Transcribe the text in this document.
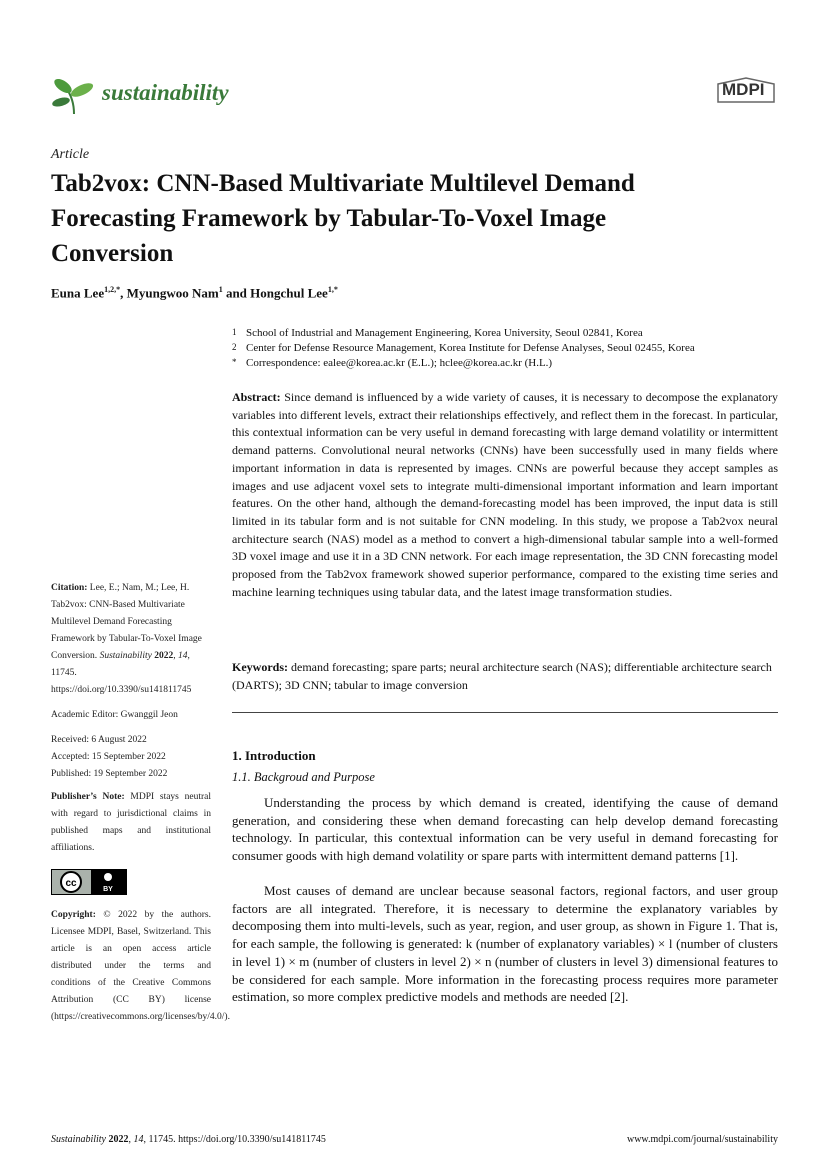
sustainability	MDPI
Article
Tab2vox: CNN-Based Multivariate Multilevel Demand Forecasting Framework by Tabular-To-Voxel Image Conversion
Euna Lee$^{1,2,*}$, Myungwoo Nam$^1$ and Hongchul Lee$^{1,*}$
1 School of Industrial and Management Engineering, Korea University, Seoul 02841, Korea
2 Center for Defense Resource Management, Korea Institute for Defense Analyses, Seoul 02455, Korea
* Correspondence: ealee@korea.ac.kr (E.L.); hclee@korea.ac.kr (H.L.)
Abstract: Since demand is influenced by a wide variety of causes, it is necessary to decompose the explanatory variables into different levels, extract their relationships effectively, and reflect them in the forecast. In particular, this contextual information can be very useful in demand forecasting with large demand volatility or intermittent demand patterns. Convolutional neural networks (CNNs) have been successfully used in many fields where important information in data is represented by images. CNNs are powerful because they accept samples as images and use adjacent voxel sets to integrate multi-dimensional important information and learn important features. On the other hand, although the demand-forecasting model has been improved, the input data is still limited in its tabular form and is not suitable for CNN modeling. In this study, we propose a Tab2vox neural architecture search (NAS) model as a method to convert a high-dimensional tabular sample into a well-formed 3D voxel image and use it in a 3D CNN network. For each image representation, the 3D CNN forecasting model proposed from the Tab2vox framework showed superior performance, compared to the existing time series and machine learning techniques using tabular data, and the latest image transformation studies.
Keywords: demand forecasting; spare parts; neural architecture search (NAS); differentiable architecture search (DARTS); 3D CNN; tabular to image conversion
Citation: Lee, E.; Nam, M.; Lee, H. Tab2vox: CNN-Based Multivariate Multilevel Demand Forecasting Framework by Tabular-To-Voxel Image Conversion. Sustainability 2022, 14, 11745. https://doi.org/10.3390/su141811745
Academic Editor: Gwanggil Jeon
Received: 6 August 2022
Accepted: 15 September 2022
Published: 19 September 2022
Publisher’s Note: MDPI stays neutral with regard to jurisdictional claims in published maps and institutional affiliations.
cc
BY
Copyright: © 2022 by the authors. Licensee MDPI, Basel, Switzerland. This article is an open access article distributed under the terms and conditions of the Creative Commons Attribution (CC BY) license (https://creativecommons.org/licenses/by/4.0/).
1. Introduction
1.1. Backgroud and Purpose
Understanding the process by which demand is created, identifying the cause of demand generation, and considering these when demand forecasting can help develop demand forecasting technology. In particular, this contextual information can be very useful in demand forecasting for consumer goods with high demand volatility or spare parts with intermittent demand patterns [1].
Most causes of demand are unclear because seasonal factors, regional factors, and user group factors are all integrated. Therefore, it is necessary to determine the explanatory variables by decomposing them into multi-levels, such as year, region, and user group, as shown in Figure 1. That is, for each sample, the following is generated: k (number of explanatory variables) × l (number of clusters in level 1) × m (number of clusters in level 2) × n (number of clusters in level 3) dimensional features to be considered for each sample. More information in the forecasting process requires more parameter estimation, so more complex predictive models and methods are needed [2].
Sustainability 2022, 14, 11745. https://doi.org/10.3390/su141811745	www.mdpi.com/journal/sustainability
